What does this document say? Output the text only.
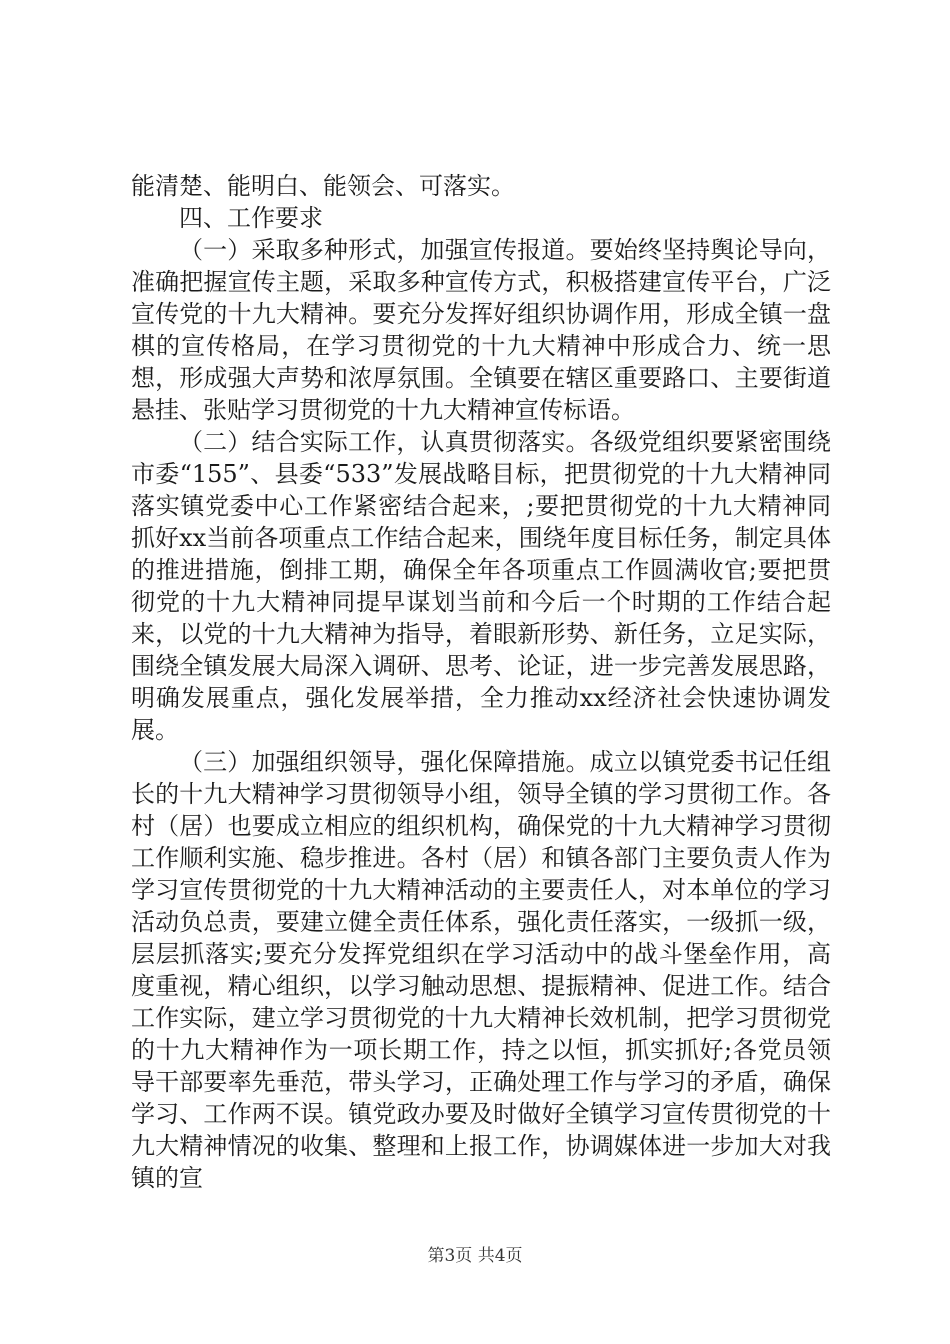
能清楚、能明白、能领会、可落实。

四、工作要求

（一）采取多种形式，加强宣传报道。要始终坚持舆论导向，准确把握宣传主题，采取多种宣传方式，积极搭建宣传平台，广泛宣传党的十九大精神。要充分发挥好组织协调作用，形成全镇一盘棋的宣传格局，在学习贯彻党的十九大精神中形成合力、统一思想，形成强大声势和浓厚氛围。全镇要在辖区重要路口、主要街道悬挂、张贴学习贯彻党的十九大精神宣传标语。

（二）结合实际工作，认真贯彻落实。各级党组织要紧密围绕市委“155”、县委“533”发展战略目标，把贯彻党的十九大精神同落实镇党委中心工作紧密结合起来，;要把贯彻党的十九大精神同抓好xx当前各项重点工作结合起来，围绕年度目标任务，制定具体的推进措施，倒排工期，确保全年各项重点工作圆满收官;要把贯彻党的十九大精神同提早谋划当前和今后一个时期的工作结合起来，以党的十九大精神为指导，着眼新形势、新任务，立足实际，围绕全镇发展大局深入调研、思考、论证，进一步完善发展思路，明确发展重点，强化发展举措，全力推动xx经济社会快速协调发展。

（三）加强组织领导，强化保障措施。成立以镇党委书记任组长的十九大精神学习贯彻领导小组，领导全镇的学习贯彻工作。各村（居）也要成立相应的组织机构，确保党的十九大精神学习贯彻工作顺利实施、稳步推进。各村（居）和镇各部门主要负责人作为学习宣传贯彻党的十九大精神活动的主要责任人，对本单位的学习活动负总责，要建立健全责任体系，强化责任落实，一级抓一级，层层抓落实;要充分发挥党组织在学习活动中的战斗堡垒作用，高度重视，精心组织，以学习触动思想、提振精神、促进工作。结合工作实际，建立学习贯彻党的十九大精神长效机制，把学习贯彻党的十九大精神作为一项长期工作，持之以恒，抓实抓好;各党员领导干部要率先垂范，带头学习，正确处理工作与学习的矛盾，确保学习、工作两不误。镇党政办要及时做好全镇学习宣传贯彻党的十九大精神情况的收集、整理和上报工作，协调媒体进一步加大对我镇的宣

第3页 共4页
